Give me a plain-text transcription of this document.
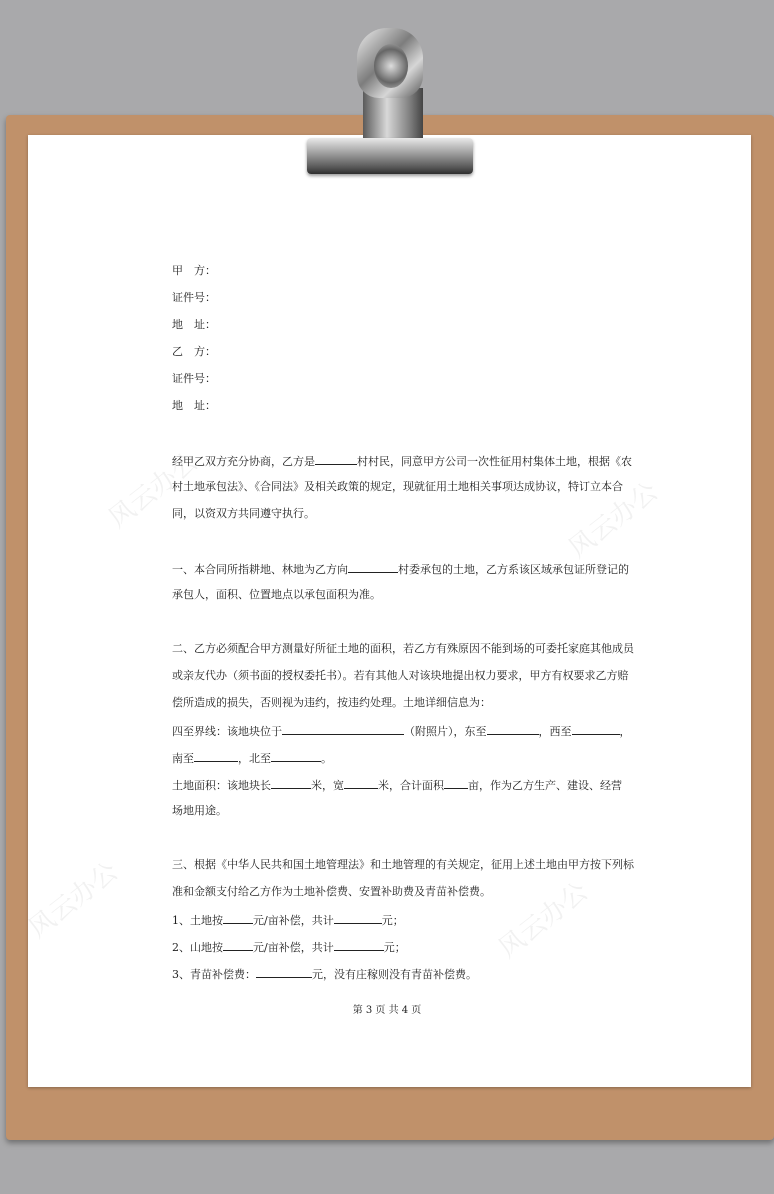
风云办公	风云办公
风云办公	风云办公
甲　方：
证件号：
地　址：
乙　方：
证件号：
地　址：
经甲乙双方充分协商，乙方是	村村民，同意甲方公司一次性征用村集体土地，根据《农
村土地承包法》、《合同法》及相关政策的规定，现就征用土地相关事项达成协议，特订立本合
同，以资双方共同遵守执行。
一、本合同所指耕地、林地为乙方向	村委承包的土地，乙方系该区域承包证所登记的
承包人，面积、位置地点以承包面积为准。
二、乙方必须配合甲方测量好所征土地的面积，若乙方有殊原因不能到场的可委托家庭其他成员
或亲友代办（须书面的授权委托书）。若有其他人对该块地提出权力要求，甲方有权要求乙方赔
偿所造成的损失，否则视为违约，按违约处理。土地详细信息为：
四至界线：该地块位于	（附照片），东至	，西至	，
南至	，北至	。
土地面积：该地块长	米，宽	米，合计面积 亩，作为乙方生产、建设、经营
场地用途。
三、根据《中华人民共和国土地管理法》和土地管理的有关规定，征用上述土地由甲方按下列标
准和金额支付给乙方作为土地补偿费、安置补助费及青苗补偿费。
1、土地按	元/亩补偿，共计	元；
2、山地按	元/亩补偿，共计	元；
3、青苗补偿费：	元，没有庄稼则没有青苗补偿费。
第 3 页 共 4 页
